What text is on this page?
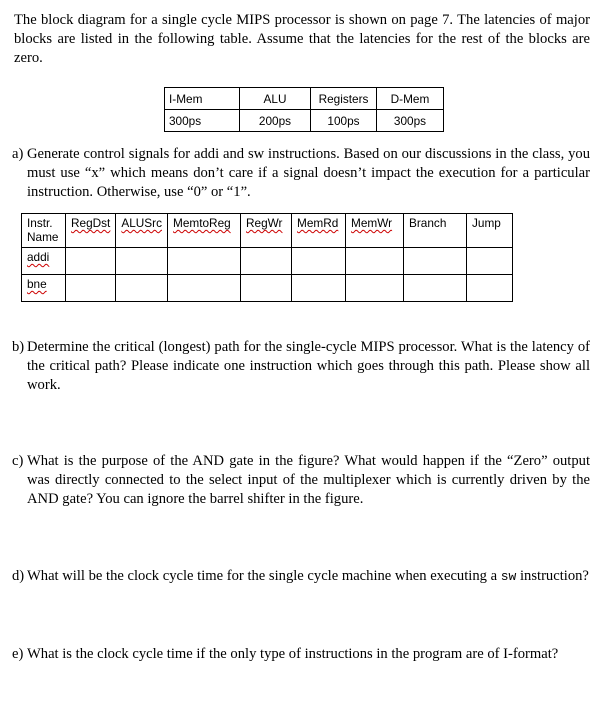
The block diagram for a single cycle MIPS processor is shown on page 7. The latencies of major blocks are listed in the following table. Assume that the latencies for the rest of the blocks are zero.
I-Mem	ALU	Registers	D-Mem
300ps	200ps	100ps	300ps
a) Generate control signals for addi and sw instructions. Based on our discussions in the class, you must use “x” which means don’t care if a signal doesn’t impact the execution for a particular instruction. Otherwise, use “0” or “1”.
Instr. Name	RegDst	ALUSrc	MemtoReg	RegWr	MemRd	MemWr	Branch	Jump
addi								
bne								
b) Determine the critical (longest) path for the single-cycle MIPS processor. What is the latency of the critical path? Please indicate one instruction which goes through this path. Please show all work.
c) What is the purpose of the AND gate in the figure? What would happen if the “Zero” output was directly connected to the select input of the multiplexer which is currently driven by the AND gate? You can ignore the barrel shifter in the figure.
d) What will be the clock cycle time for the single cycle machine when executing a sw instruction?
e) What is the clock cycle time if the only type of instructions in the program are of I-format?
